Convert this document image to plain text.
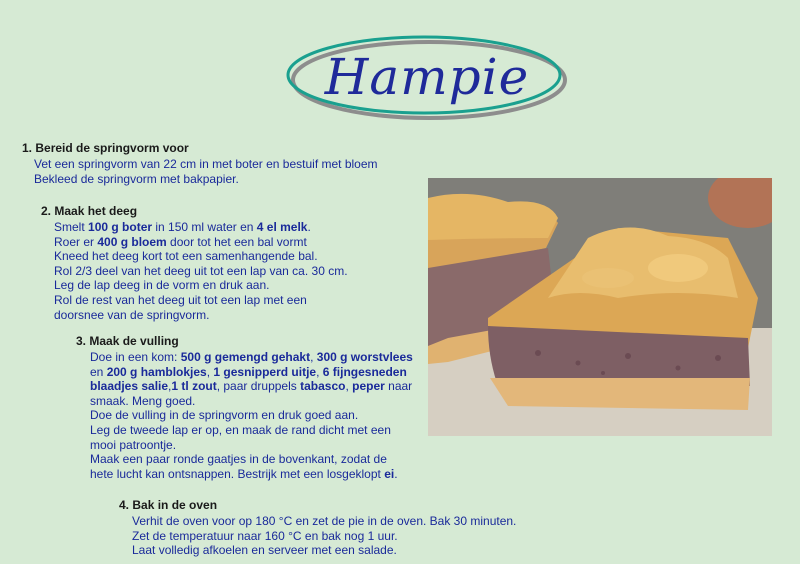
Hampie
1. Bereid de springvorm voor
Vet een springvorm van 22 cm in met boter en bestuif met bloem
Bekleed de springvorm met bakpapier.
2. Maak het deeg
Smelt 100 g boter in 150 ml water en 4 el melk.
Roer er 400 g bloem door tot het een bal vormt
Kneed het deeg kort tot een samenhangende bal.
Rol 2/3 deel van het deeg uit tot een lap van ca. 30 cm.
Leg de lap deeg in de vorm en druk aan.
Rol de rest van het deeg uit tot een lap met een
doorsnee van de springvorm.
3. Maak de vulling
Doe in een kom: 500 g gemengd gehakt, 300 g worstvlees
en 200 g hamblokjes, 1 gesnipperd uitje, 6 fijngesneden
blaadjes salie,1 tl zout, paar druppels tabasco, peper naar
smaak. Meng goed.
Doe de vulling in de springvorm en druk goed aan.
Leg de tweede lap er op, en maak de rand dicht met een
mooi patroontje.
Maak een paar ronde gaatjes in de bovenkant, zodat de
hete lucht kan ontsnappen. Bestrijk met een losgeklopt ei.
4. Bak in de oven
Verhit de oven voor op 180 °C en zet de pie in de oven. Bak 30 minuten.
Zet de temperatuur naar 160 °C en bak nog 1 uur.
Laat volledig afkoelen en serveer met een salade.
